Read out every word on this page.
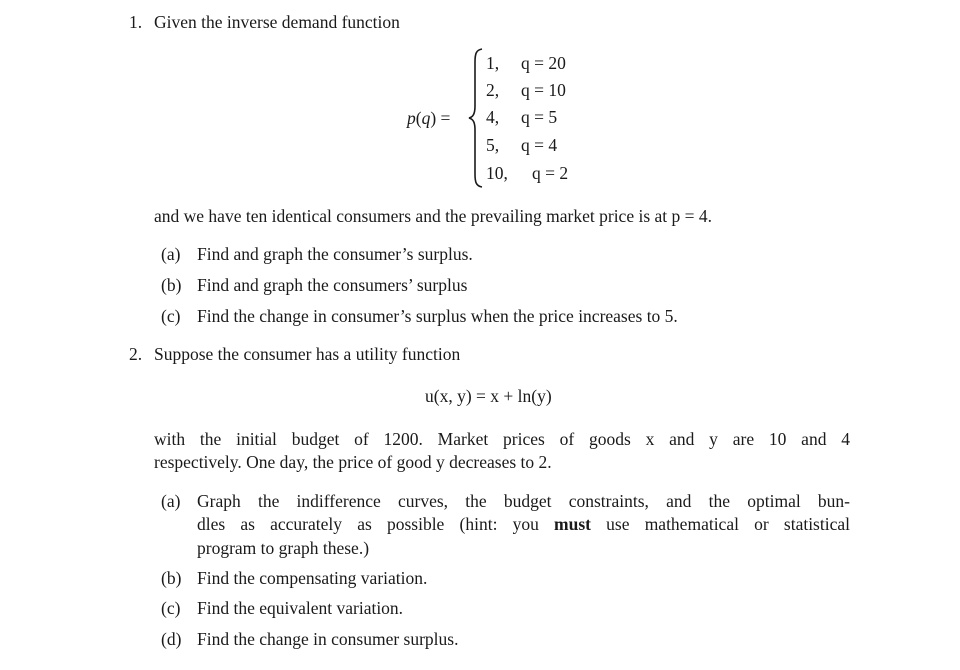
1. Given the inverse demand function
p(q) =
1,
2,
4,
5,
10,
q = 20
q = 10
q = 5
q = 4
q = 2
and we have ten identical consumers and the prevailing market price is at p = 4.
(a) Find and graph the consumer’s surplus.
(b) Find and graph the consumers’ surplus
(c) Find the change in consumer’s surplus when the price increases to 5.
2. Suppose the consumer has a utility function
u(x, y) = x + ln(y)
with the initial budget of 1200. Market prices of goods x and y are 10 and 4
respectively. One day, the price of good y decreases to 2.
(a) Graph the indifference curves, the budget constraints, and the optimal bun-
dles as accurately as possible (hint: you must use mathematical or statistical
program to graph these.)
(b) Find the compensating variation.
(c) Find the equivalent variation.
(d) Find the change in consumer surplus.
